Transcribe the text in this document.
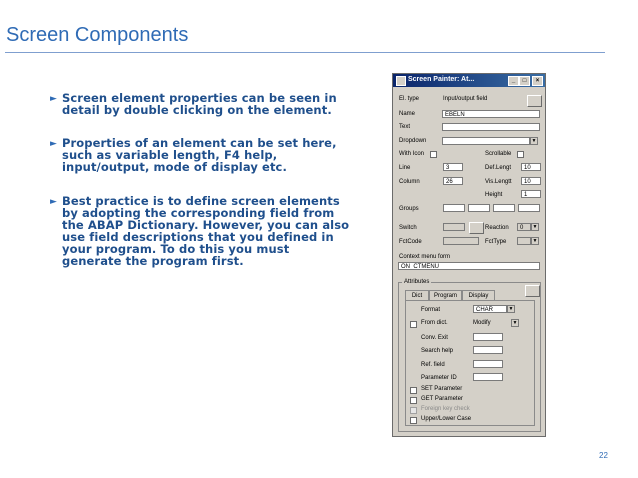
Screen Components
► Screen element properties can be seen in detail by double clicking on the element.
► Properties of an element can be set here, such as variable length, F4 help, input/output, mode of display etc.
► Best practice is to define screen elements by adopting the corresponding field from the ABAP Dictionary. However, you can also use field descriptions that you defined in your program. To do this you must generate the program first.
Screen Painter: At...	_	□	×
El. type	Input/output field
Name	EBELN
Text	_________
Dropdown	▼
With Icon	Scrollable
Line	3	Def.Lengt	10
Column	26	Vis.Lengtt	10
Height	1
Groups
Switch	Reaction	0	▼
FctCode	FctType	▼
Context menu form
ON_CTMENU_
Attributes
Dict	Program	Display
Format	CHAR	▼
From dict.	Modify	▼
Conv. Exit
Search help
Ref. field
Parameter ID
SET Parameter
GET Parameter
Foreign key check
Upper/Lower Case
22
